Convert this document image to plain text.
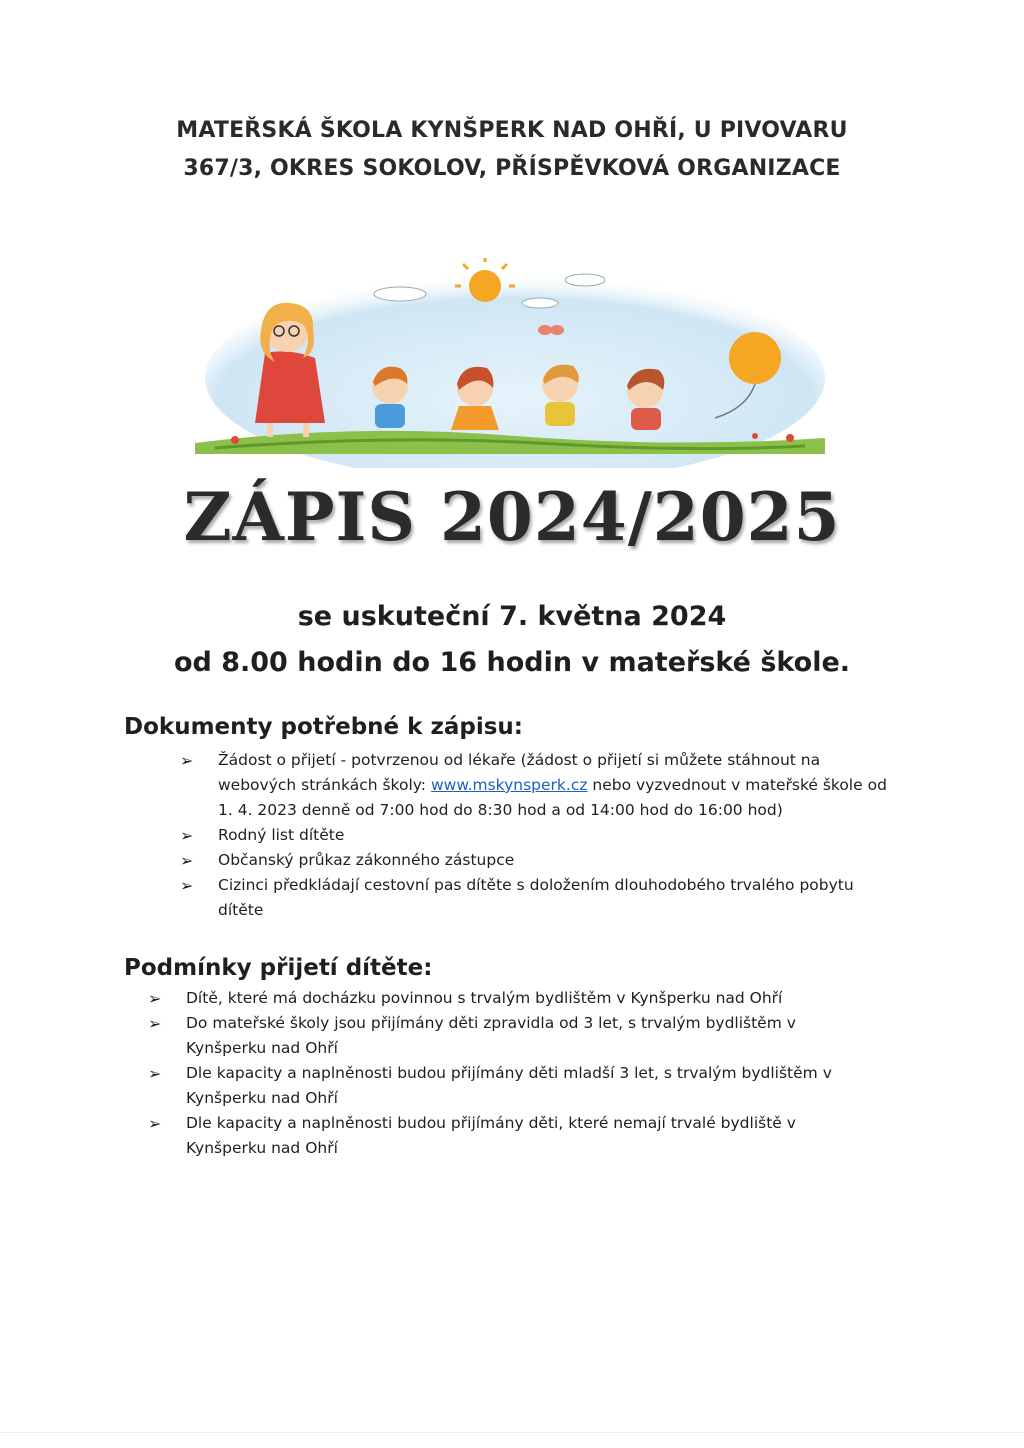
MATEŘSKÁ ŠKOLA KYNŠPERK NAD OHŘÍ, U PIVOVARU
367/3, OKRES SOKOLOV, PŘÍSPĚVKOVÁ ORGANIZACE
ZÁPIS 2024/2025
se uskuteční 7. května 2024
od 8.00 hodin do 16 hodin v mateřské škole.
Dokumenty potřebné k zápisu:
➢ Žádost o přijetí - potvrzenou od lékaře (žádost o přijetí si můžete stáhnout na webových stránkách školy: www.mskynsperk.cz nebo vyzvednout v mateřské škole od 1. 4. 2023 denně od 7:00 hod do 8:30 hod a od 14:00 hod do 16:00 hod)
➢ Rodný list dítěte
➢ Občanský průkaz zákonného zástupce
➢ Cizinci předkládají cestovní pas dítěte s doložením dlouhodobého trvalého pobytu dítěte
Podmínky přijetí dítěte:
➢ Dítě, které má docházku povinnou s trvalým bydlištěm v Kynšperku nad Ohří
➢ Do mateřské školy jsou přijímány děti zpravidla od 3 let, s trvalým bydlištěm v Kynšperku nad Ohří
➢ Dle kapacity a naplněnosti budou přijímány děti mladší 3 let, s trvalým bydlištěm v Kynšperku nad Ohří
➢ Dle kapacity a naplněnosti budou přijímány děti, které nemají trvalé bydliště v Kynšperku nad Ohří
